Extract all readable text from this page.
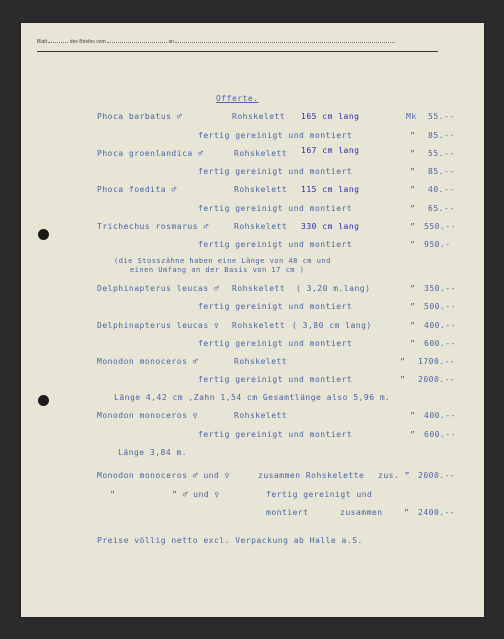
Blatt	des Briefes vom	an
Offerte.
Phoca barbatus ♂	Rohskelett 165 cm lang	Mk 55.--
fertig gereinigt und montiert	” 85.--
Phoca groenlandica ♂	Rohskelett 167 cm lang	” 55.--
fertig gereinigt und montiert	” 85.--
Phoca foedita ♂	Rohskelett 115 cm lang	” 40.--
fertig gereinigt und montiert	” 65.--
Trichechus rosmarus ♂	Rohskelett 330 cm lang	” 550.--
fertig gereinigt und montiert	” 950.-
(die Stosszähne haben eine Länge von 48 cm und
einen Umfang an der Basis von 17 cm )
Delphinapterus leucas ♂ Rohskelett ( 3,20 m.lang)	” 350.--
fertig gereinigt und montiert	” 500.--
Delphinapterus leucas ♀ Rohskelett ( 3,80 cm lang)	” 400.--
fertig gereinigt und montiert	” 600.--
Monodon monoceros ♂	Rohskelett	” 1700.--
fertig gereinigt und montiert	” 2000.--
Länge 4,42 cm ,Zahn 1,54 cm Gesamtlänge also 5,96 m.
Monodon monoceros ♀	Rohskelett	” 400.--
fertig gereinigt und montiert	” 600.--
Länge 3,84 m.
Monodon monoceros ♂ und ♀	zusammen Rohskelette zus. ” 2000.--
”	” ♂ und ♀	fertig gereinigt und
montiert	zusammen	” 2400.--
Preise völlig netto excl. Verpackung ab Halle a.S.
